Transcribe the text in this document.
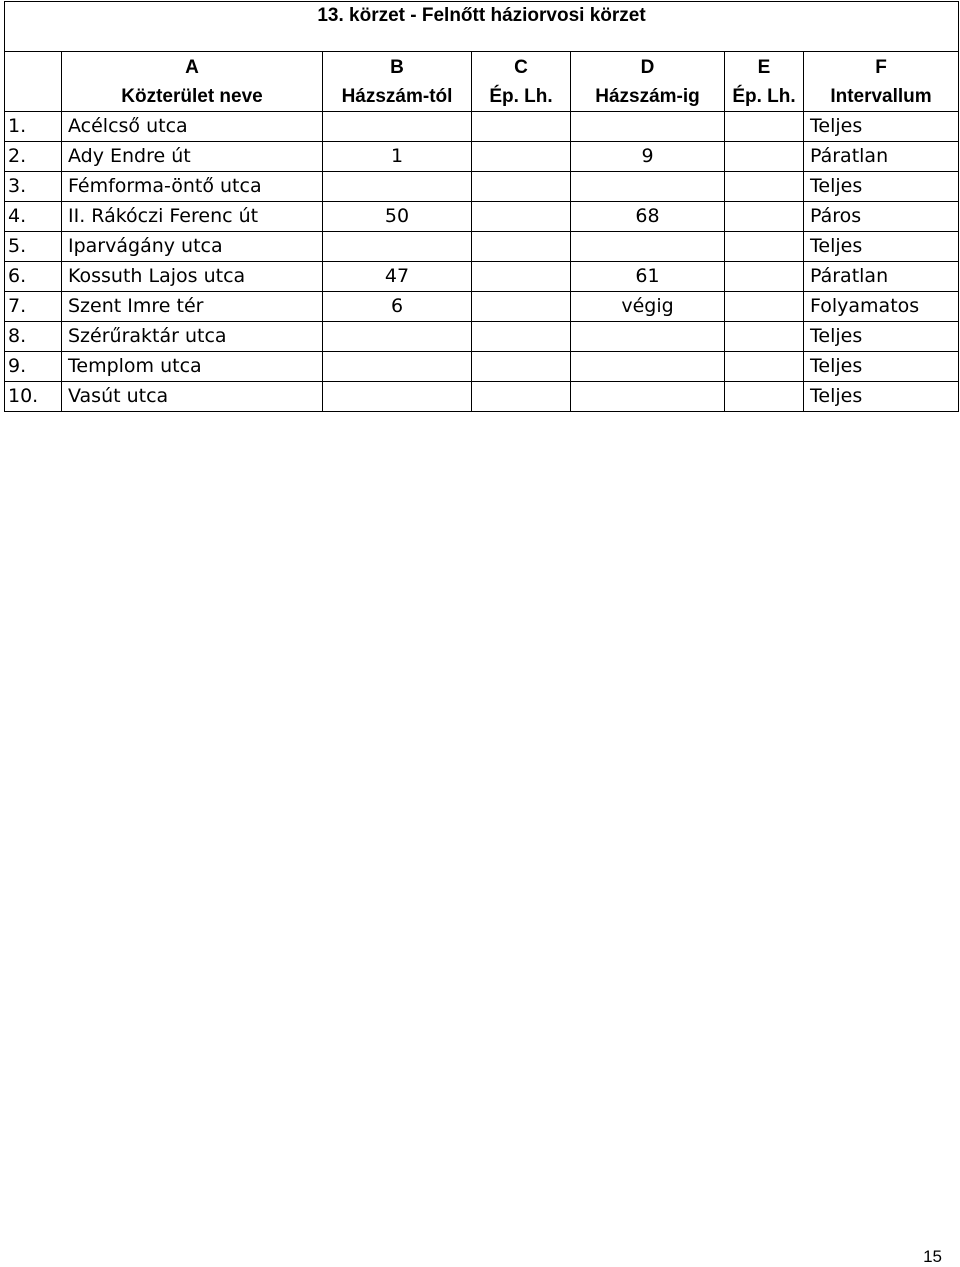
13. körzet - Felnőtt háziorvosi körzet						
	A	B	C	D	E	F
	Közterület neve	Házszám-tól	Ép. Lh.	Házszám-ig	Ép. Lh.	Intervallum
1.	Acélcső utca					Teljes
2.	Ady Endre út	1		9		Páratlan
3.	Fémforma-öntő utca					Teljes
4.	II. Rákóczi Ferenc út	50		68		Páros
5.	Iparvágány utca					Teljes
6.	Kossuth Lajos utca	47		61		Páratlan
7.	Szent Imre tér	6		végig		Folyamatos
8.	Szérűraktár utca					Teljes
9.	Templom utca					Teljes
10.	Vasút utca					Teljes
15
